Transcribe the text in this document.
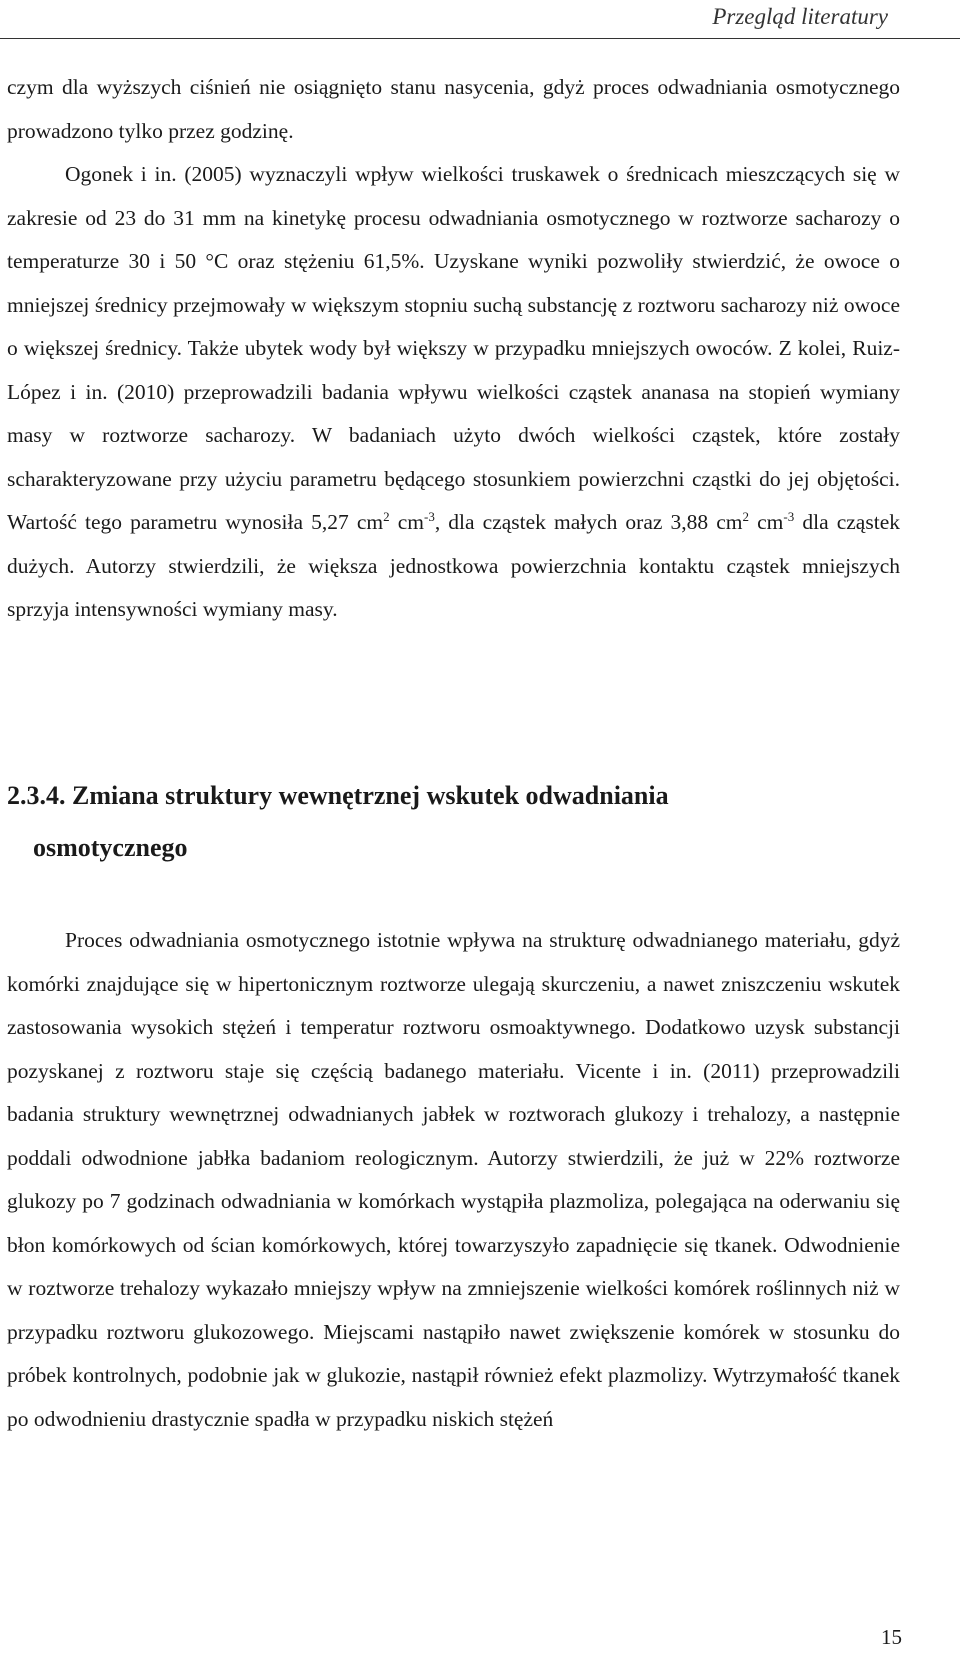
Przegląd literatury

czym dla wyższych ciśnień nie osiągnięto stanu nasycenia, gdyż proces odwadniania osmotycznego prowadzono tylko przez godzinę.
Ogonek i in. (2005) wyznaczyli wpływ wielkości truskawek o średnicach mieszczących się w zakresie od 23 do 31 mm na kinetykę procesu odwadniania osmotycznego w roztworze sacharozy o temperaturze 30 i 50 °C oraz stężeniu 61,5%. Uzyskane wyniki pozwoliły stwierdzić, że owoce o mniejszej średnicy przejmowały w większym stopniu suchą substancję z roztworu sacharozy niż owoce o większej średnicy. Także ubytek wody był większy w przypadku mniejszych owoców. Z kolei, Ruiz-López i in. (2010) przeprowadzili badania wpływu wielkości cząstek ananasa na stopień wymiany masy w roztworze sacharozy. W badaniach użyto dwóch wielkości cząstek, które zostały scharakteryzowane przy użyciu parametru będącego stosunkiem powierzchni cząstki do jej objętości. Wartość tego parametru wynosiła 5,27 $cm^2$ $cm^{-3}$, dla cząstek małych oraz 3,88 $cm^2$ $cm^{-3}$ dla cząstek dużych. Autorzy stwierdzili, że większa jednostkowa powierzchnia kontaktu cząstek mniejszych sprzyja intensywności wymiany masy.

2.3.4. Zmiana struktury wewnętrznej wskutek odwadniania
osmotycznego

Proces odwadniania osmotycznego istotnie wpływa na strukturę odwadnianego materiału, gdyż komórki znajdujące się w hipertonicznym roztworze ulegają skurczeniu, a nawet zniszczeniu wskutek zastosowania wysokich stężeń i temperatur roztworu osmoaktywnego. Dodatkowo uzysk substancji pozyskanej z roztworu staje się częścią badanego materiału. Vicente i in. (2011) przeprowadzili badania struktury wewnętrznej odwadnianych jabłek w roztworach glukozy i trehalozy, a następnie poddali odwodnione jabłka badaniom reologicznym. Autorzy stwierdzili, że już w 22% roztworze glukozy po 7 godzinach odwadniania w komórkach wystąpiła plazmoliza, polegająca na oderwaniu się błon komórkowych od ścian komórkowych, której towarzyszyło zapadnięcie się tkanek. Odwodnienie w roztworze trehalozy wykazało mniejszy wpływ na zmniejszenie wielkości komórek roślinnych niż w przypadku roztworu glukozowego. Miejscami nastąpiło nawet zwiększenie komórek w stosunku do próbek kontrolnych, podobnie jak w glukozie, nastąpił również efekt plazmolizy. Wytrzymałość tkanek po odwodnieniu drastycznie spadła w przypadku niskich stężeń

15
